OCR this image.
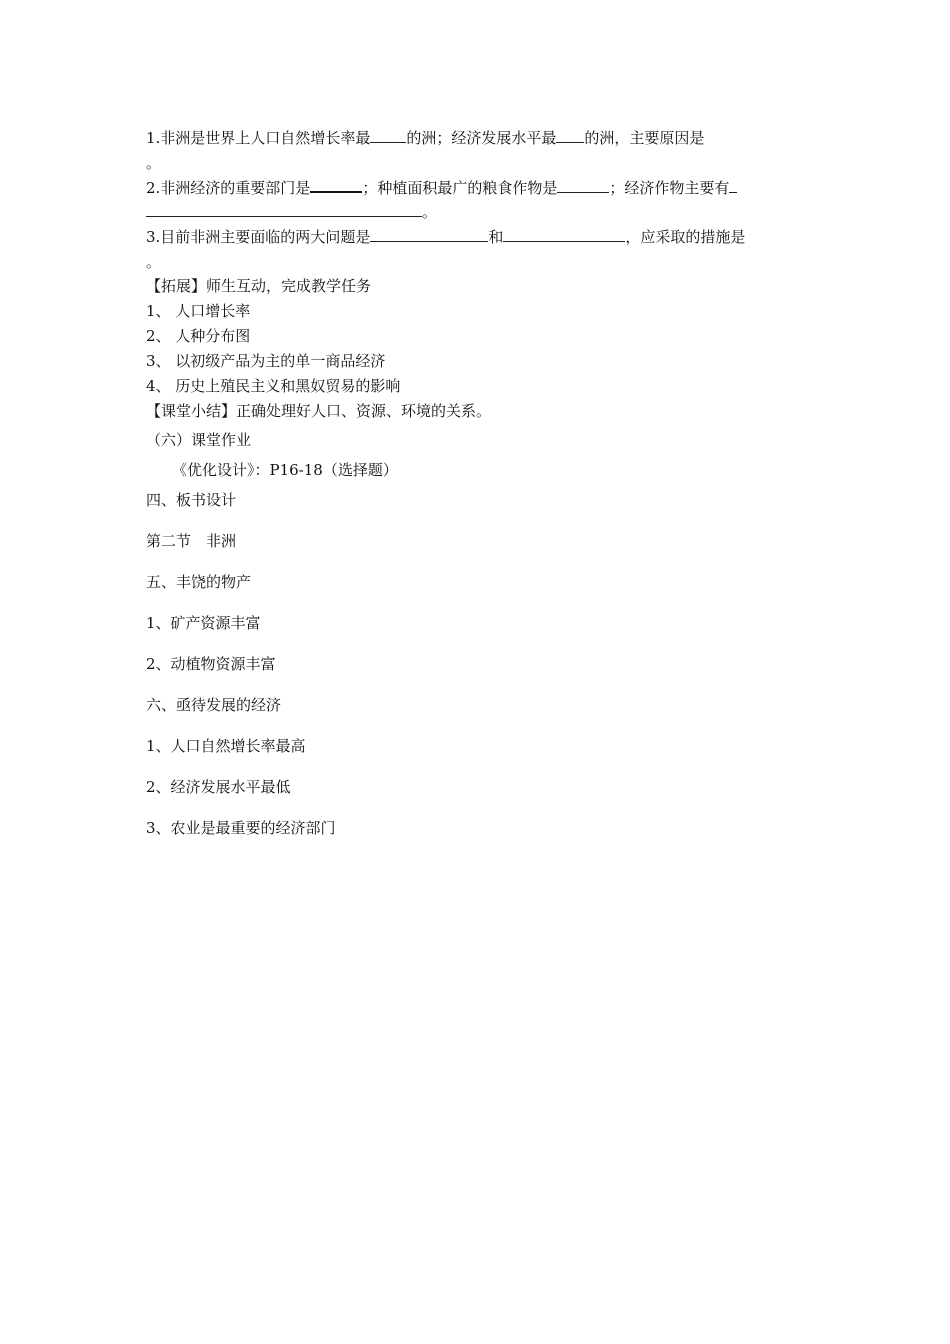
1.非洲是世界上人口自然增长率最 的洲；经济发展水平最 的洲，主要原因是
。
2.非洲经济的重要部门是	；种植面积最广的粮食作物是	；经济作物主要有
。
3.目前非洲主要面临的两大问题是	和	，应采取的措施是
。
【拓展】师生互动，完成教学任务
1、 人口增长率
2、 人种分布图
3、 以初级产品为主的单一商品经济
4、 历史上殖民主义和黑奴贸易的影响
【课堂小结】正确处理好人口、资源、环境的关系。
（六）课堂作业
《优化设计》：P16-18（选择题）
四、板书设计
第二节　非洲
五、丰饶的物产
1、矿产资源丰富
2、动植物资源丰富
六、亟待发展的经济
1、人口自然增长率最高
2、经济发展水平最低
3、农业是最重要的经济部门
